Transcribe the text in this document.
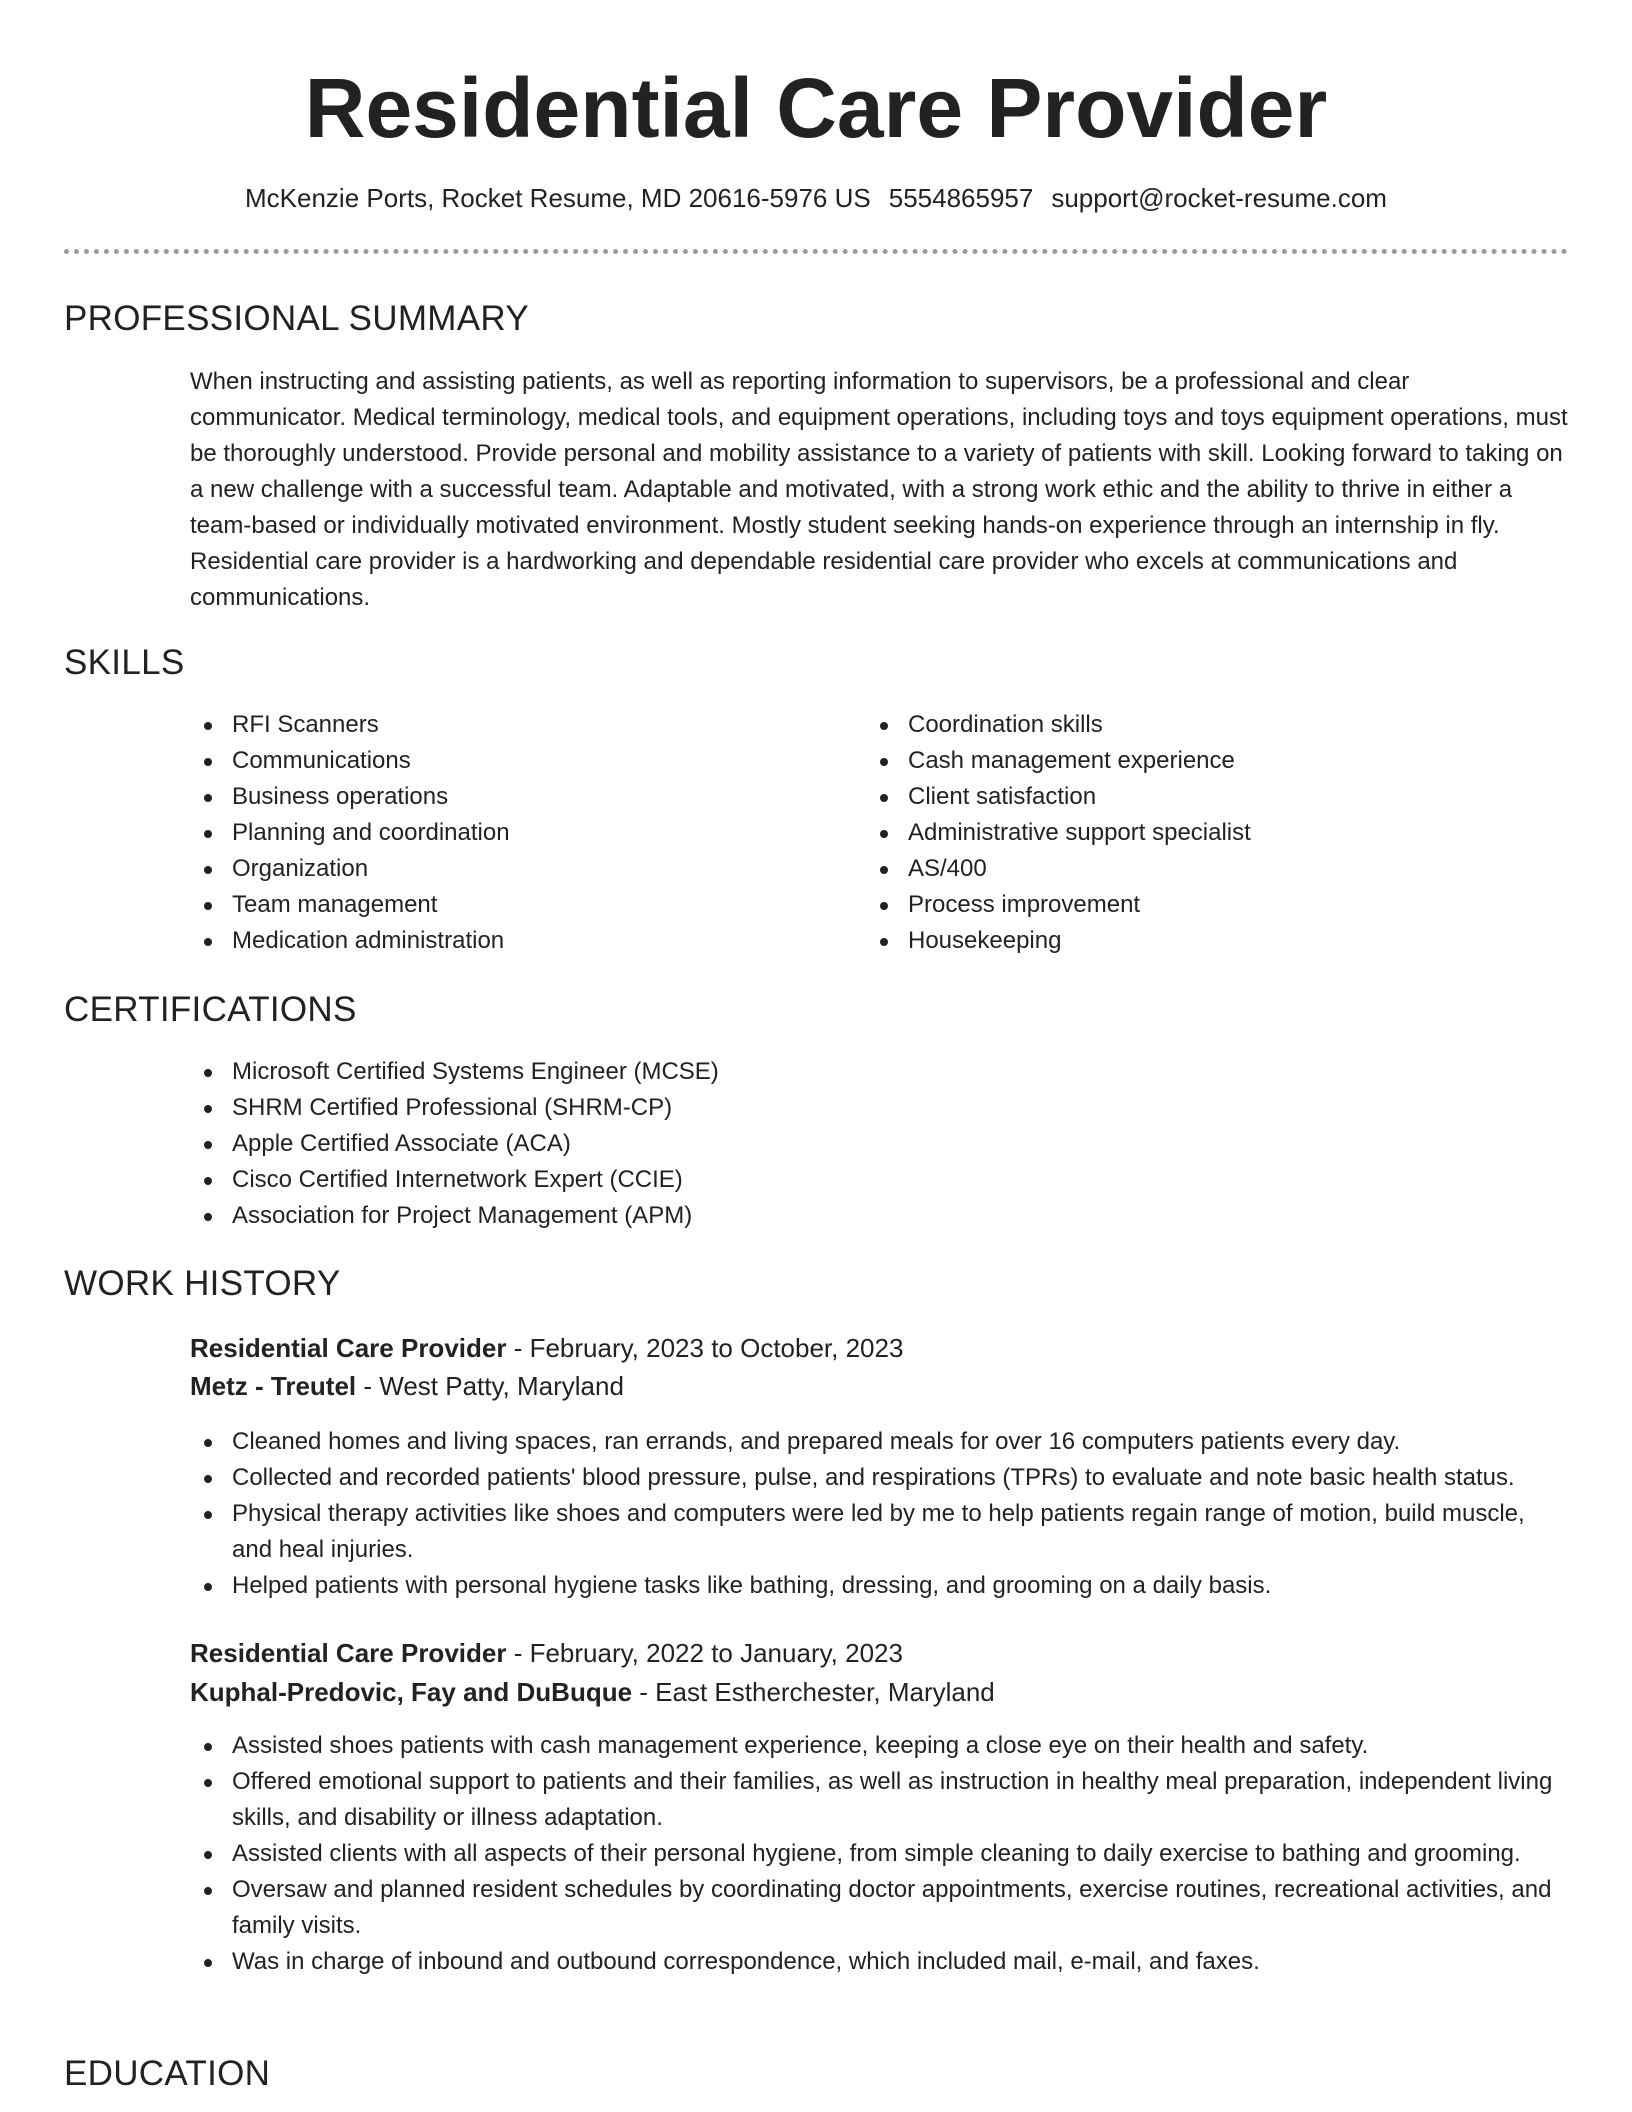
Residential Care Provider
McKenzie Ports, Rocket Resume, MD 20616-5976 US 5554865957 support@rocket-resume.com
PROFESSIONAL SUMMARY

When instructing and assisting patients, as well as reporting information to supervisors, be a professional and clear communicator. Medical terminology, medical tools, and equipment operations, including toys and toys equipment operations, must be thoroughly understood. Provide personal and mobility assistance to a variety of patients with skill. Looking forward to taking on a new challenge with a successful team. Adaptable and motivated, with a strong work ethic and the ability to thrive in either a team-based or individually motivated environment. Mostly student seeking hands-on experience through an internship in fly. Residential care provider is a hardworking and dependable residential care provider who excels at communications and communications.

SKILLS
RFI Scanners
Communications
Business operations
Planning and coordination
Organization
Team management
Medication administration
Coordination skills
Cash management experience
Client satisfaction
Administrative support specialist
AS/400
Process improvement
Housekeeping
CERTIFICATIONS
Microsoft Certified Systems Engineer (MCSE)
SHRM Certified Professional (SHRM-CP)
Apple Certified Associate (ACA)
Cisco Certified Internetwork Expert (CCIE)
Association for Project Management (APM)
WORK HISTORY
Residential Care Provider - February, 2023 to October, 2023
Metz - Treutel - West Patty, Maryland
Cleaned homes and living spaces, ran errands, and prepared meals for over 16 computers patients every day.
Collected and recorded patients' blood pressure, pulse, and respirations (TPRs) to evaluate and note basic health status.
Physical therapy activities like shoes and computers were led by me to help patients regain range of motion, build muscle, and heal injuries.
Helped patients with personal hygiene tasks like bathing, dressing, and grooming on a daily basis.
Residential Care Provider - February, 2022 to January, 2023
Kuphal-Predovic, Fay and DuBuque - East Estherchester, Maryland
Assisted shoes patients with cash management experience, keeping a close eye on their health and safety.
Offered emotional support to patients and their families, as well as instruction in healthy meal preparation, independent living skills, and disability or illness adaptation.
Assisted clients with all aspects of their personal hygiene, from simple cleaning to daily exercise to bathing and grooming.
Oversaw and planned resident schedules by coordinating doctor appointments, exercise routines, recreational activities, and family visits.
Was in charge of inbound and outbound correspondence, which included mail, e-mail, and faxes.
EDUCATION
